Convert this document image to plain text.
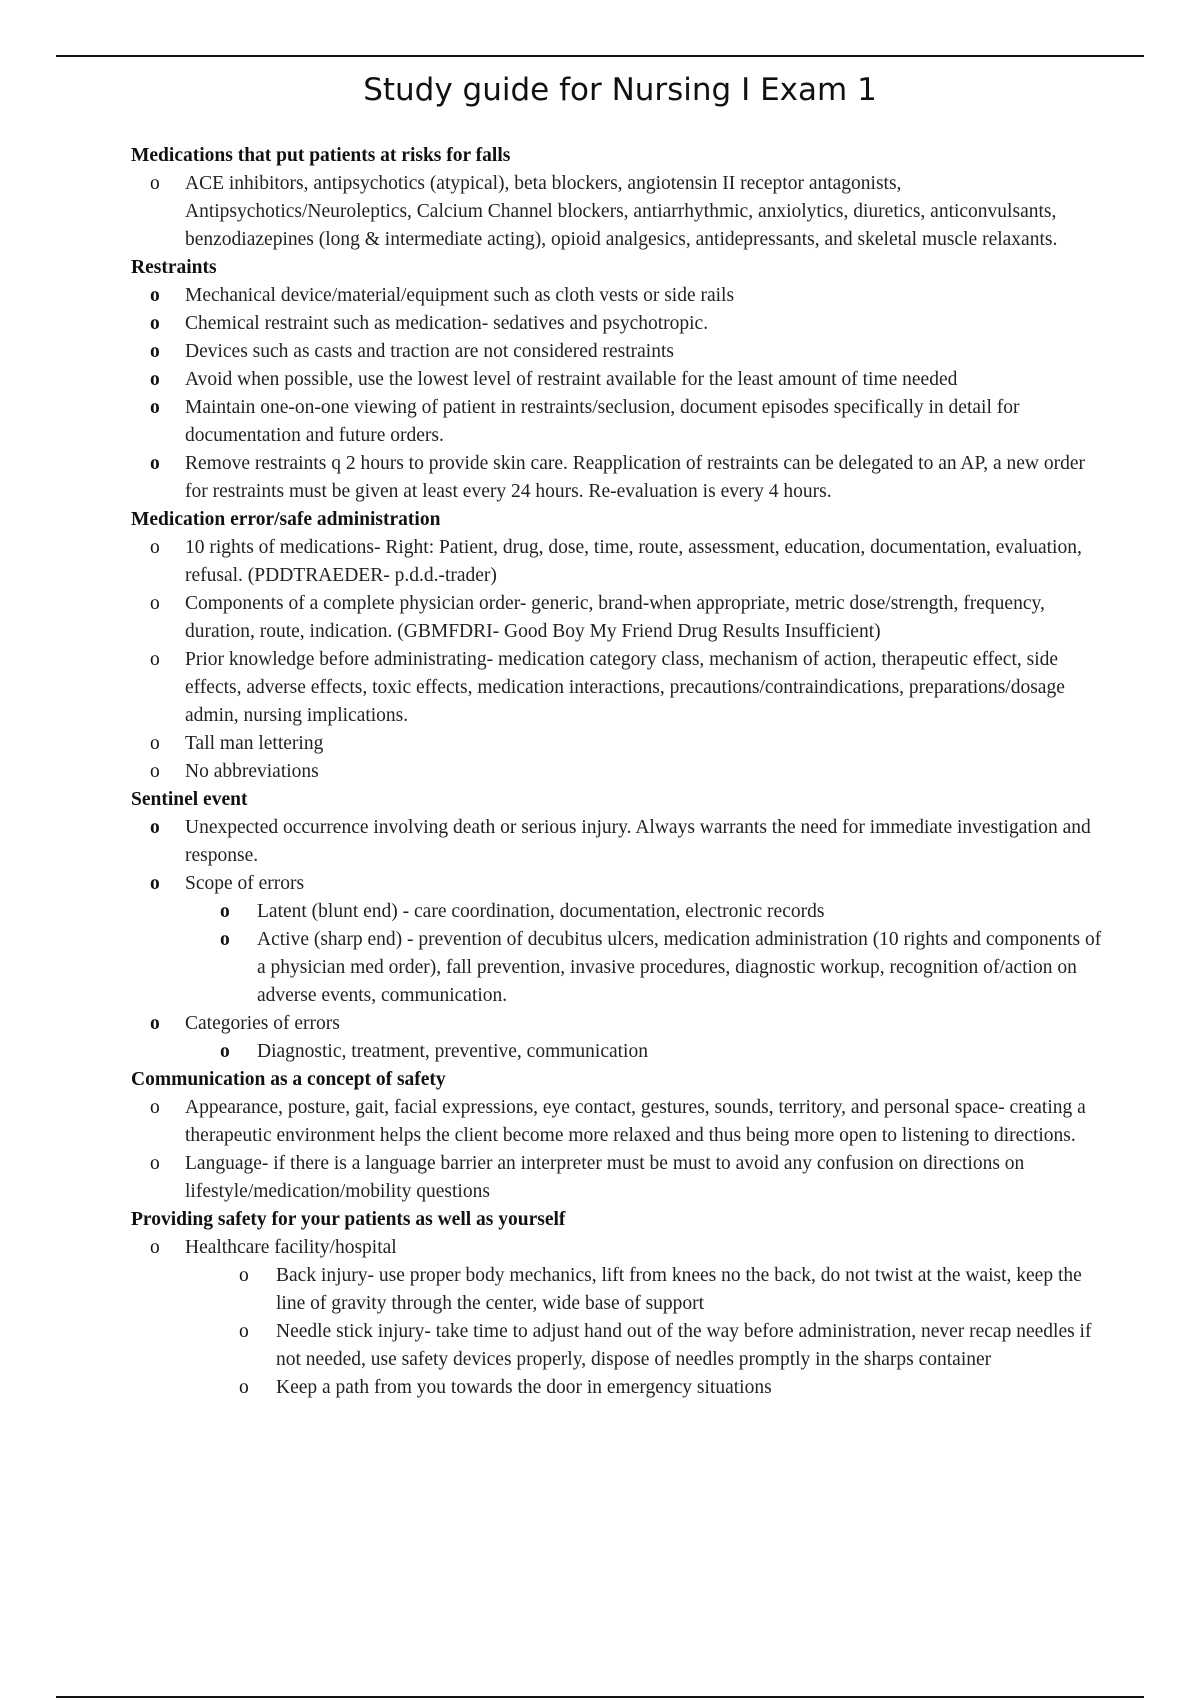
Study guide for Nursing I Exam 1

Medications that put patients at risks for falls

o ACE inhibitors, antipsychotics (atypical), beta blockers, angiotensin II receptor antagonists, Antipsychotics/Neuroleptics, Calcium Channel blockers, antiarrhythmic, anxiolytics, diuretics, anticonvulsants, benzodiazepines (long & intermediate acting), opioid analgesics, antidepressants, and skeletal muscle relaxants.

Restraints

o Mechanical device/material/equipment such as cloth vests or side rails
o Chemical restraint such as medication- sedatives and psychotropic.
o Devices such as casts and traction are not considered restraints
o Avoid when possible, use the lowest level of restraint available for the least amount of time needed
o Maintain one-on-one viewing of patient in restraints/seclusion, document episodes specifically in detail for documentation and future orders.
o Remove restraints q 2 hours to provide skin care. Reapplication of restraints can be delegated to an AP, a new order for restraints must be given at least every 24 hours. Re-evaluation is every 4 hours.

Medication error/safe administration

o 10 rights of medications- Right: Patient, drug, dose, time, route, assessment, education, documentation, evaluation, refusal. (PDDTRAEDER- p.d.d.-trader)
o Components of a complete physician order- generic, brand-when appropriate, metric dose/strength, frequency, duration, route, indication. (GBMFDRI- Good Boy My Friend Drug Results Insufficient)
o Prior knowledge before administrating- medication category class, mechanism of action, therapeutic effect, side effects, adverse effects, toxic effects, medication interactions, precautions/contraindications, preparations/dosage admin, nursing implications.
o Tall man lettering
o No abbreviations

Sentinel event

o Unexpected occurrence involving death or serious injury. Always warrants the need for immediate investigation and response.
o Scope of errors
o Latent (blunt end) - care coordination, documentation, electronic records
o Active (sharp end) - prevention of decubitus ulcers, medication administration (10 rights and components of a physician med order), fall prevention, invasive procedures, diagnostic workup, recognition of/action on adverse events, communication.
o Categories of errors
o Diagnostic, treatment, preventive, communication

Communication as a concept of safety

o Appearance, posture, gait, facial expressions, eye contact, gestures, sounds, territory, and personal space- creating a therapeutic environment helps the client become more relaxed and thus being more open to listening to directions.
o Language- if there is a language barrier an interpreter must be must to avoid any confusion on directions on lifestyle/medication/mobility questions

Providing safety for your patients as well as yourself

o Healthcare facility/hospital
o Back injury- use proper body mechanics, lift from knees no the back, do not twist at the waist, keep the line of gravity through the center, wide base of support
o Needle stick injury- take time to adjust hand out of the way before administration, never recap needles if not needed, use safety devices properly, dispose of needles promptly in the sharps container
o Keep a path from you towards the door in emergency situations
